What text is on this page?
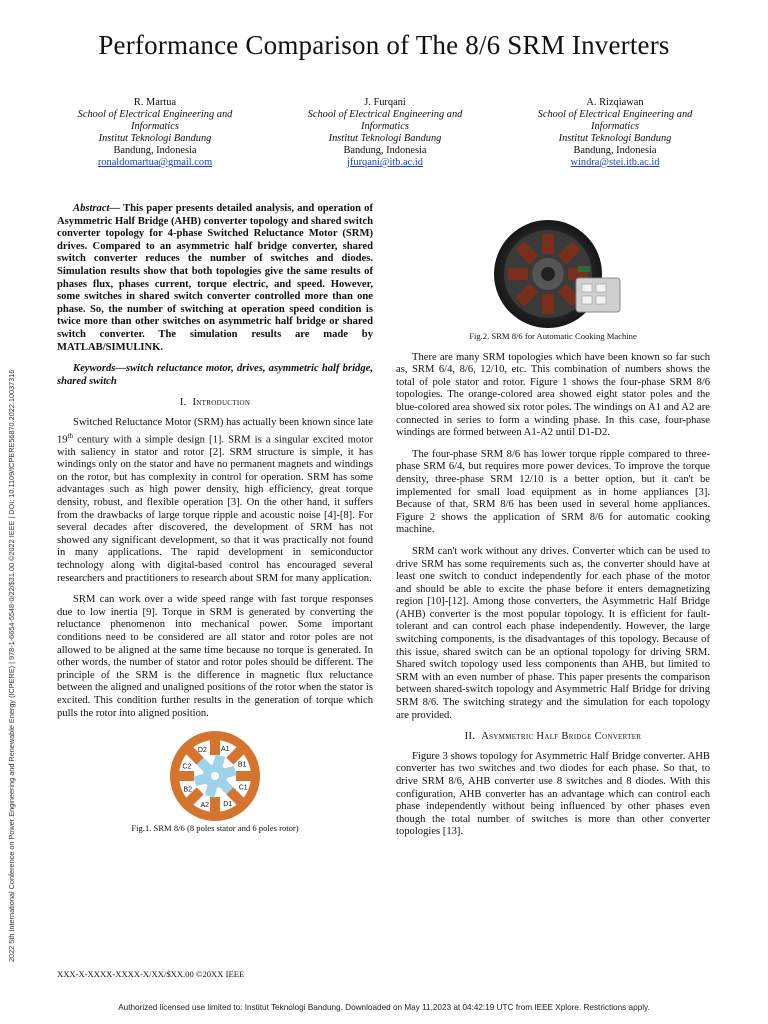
Performance Comparison of The 8/6 SRM Inverters
R. Martua
School of Electrical Engineering and Informatics
Institut Teknologi Bandung
Bandung, Indonesia
ronaldomartua@gmail.com
J. Furqani
School of Electrical Engineering and Informatics
Institut Teknologi Bandung
Bandung, Indonesia
jfurqani@itb.ac.id
A. Rizqiawan
School of Electrical Engineering and Informatics
Institut Teknologi Bandung
Bandung, Indonesia
windra@stei.itb.ac.id
2022 5th International Conference on Power Engineering and Renewable Energy (ICPERE) | 978-1-6654-5548-0/22/$31.00 ©2022 IEEE | DOI: 10.1109/ICPERE56870.2022.10037316

Abstract— This paper presents detailed analysis, and operation of Asymmetric Half Bridge (AHB) converter topology and shared switch converter topology for 4-phase Switched Reluctance Motor (SRM) drives. Compared to an asymmetric half bridge converter, shared switch converter reduces the number of switches and diodes. Simulation results show that both topologies give the same results of phases flux, phases current, torque electric, and speed. However, some switches in shared switch converter controlled more than one phase. So, the number of switching at operation speed condition is twice more than other switches on asymmetric half bridge or shared switch converter. The simulation results are made by MATLAB/SIMULINK.

Keywords—switch reluctance motor, drives, asymmetric half bridge, shared switch

I. Introduction

Switched Reluctance Motor (SRM) has actually been known since late 19th century with a simple design [1]. SRM is a singular excited motor with saliency in stator and rotor [2]. SRM structure is simple, it has windings only on the stator and have no permanent magnets and windings on the rotor, but has complexity in control for operation. SRM has some advantages such as high power density, high efficiency, great torque density, robust, and flexible operation [3]. On the other hand, it suffers from the drawbacks of large torque ripple and acoustic noise [4]-[8]. For several decades after discovered, the development of SRM has not showed any significant development, so that it was practically not found in many applications. The rapid development in semiconductor technology along with digital-based control has encouraged several researchers and practitioners to research about SRM for many application.

SRM can work over a wide speed range with fast torque responses due to low inertia [9]. Torque in SRM is generated by converting the reluctance phenomenon into mechanical power. Some important conditions need to be considered are all stator and rotor poles are not allowed to be aligned at the same time because no torque is generated. In other words, the number of stator and rotor poles should be different. The principle of the SRM is the difference in magnetic flux reluctance between the aligned and unaligned positions of the rotor when the stator is excited. This condition further results in the generation of torque which pulls the rotor into aligned position.

A1
B1
C1
D1
A2
B2
C2
D2

Fig.1. SRM 8/6 (8 poles stator and 6 poles rotor)

Fig.2. SRM 8/6 for Automatic Cooking Machine

There are many SRM topologies which have been known so far such as, SRM 6/4, 8/6, 12/10, etc. This combination of numbers shows the total of pole stator and rotor. Figure 1 shows the four-phase SRM 8/6 topologies. The orange-colored area showed eight stator poles and the blue-colored area showed six rotor poles. The windings on A1 and A2 are connected in series to form a winding phase. In this case, four-phase windings are formed between A1-A2 until D1-D2.

The four-phase SRM 8/6 has lower torque ripple compared to three-phase SRM 6/4, but requires more power devices. To improve the torque density, three-phase SRM 12/10 is a better option, but it can't be implemented for small load equipment as in home appliances [3]. Because of that, SRM 8/6 has been used in several home appliances. Figure 2 shows the application of SRM 8/6 for automatic cooking machine.

SRM can't work without any drives. Converter which can be used to drive SRM has some requirements such as, the converter should have at least one switch to conduct independently for each phase of the motor and should be able to excite the phase before it enters demagnetizing region [10]-[12]. Among those converters, the Asymmetric Half Bridge (AHB) converter is the most popular topology. It is efficient for fault-tolerant and can control each phase independently. However, the large switching components, is the disadvantages of this topology. Because of this issue, shared switch can be an optional topology for driving SRM. Shared switch topology used less components than AHB, but limited to SRM with an even number of phase. This paper presents the comparison between shared-switch topology and Asymmetric Half Bridge for driving SRM 8/6. The switching strategy and the simulation for each topology are provided.

II. Asymmetric Half Bridge Converter

Figure 3 shows topology for Asymmetric Half Bridge converter. AHB converter has two switches and two diodes for each phase. So that, to drive SRM 8/6, AHB converter use 8 switches and 8 diodes. With this configuration, AHB converter has an advantage which can control each phase independently without being influenced by other phases even though the total number of switches is more than other converter topologies [13].

XXX-X-XXXX-XXXX-X/XX/$XX.00 ©20XX IEEE
Authorized licensed use limited to: Institut Teknologi Bandung. Downloaded on May 11,2023 at 04:42:19 UTC from IEEE Xplore. Restrictions apply.
